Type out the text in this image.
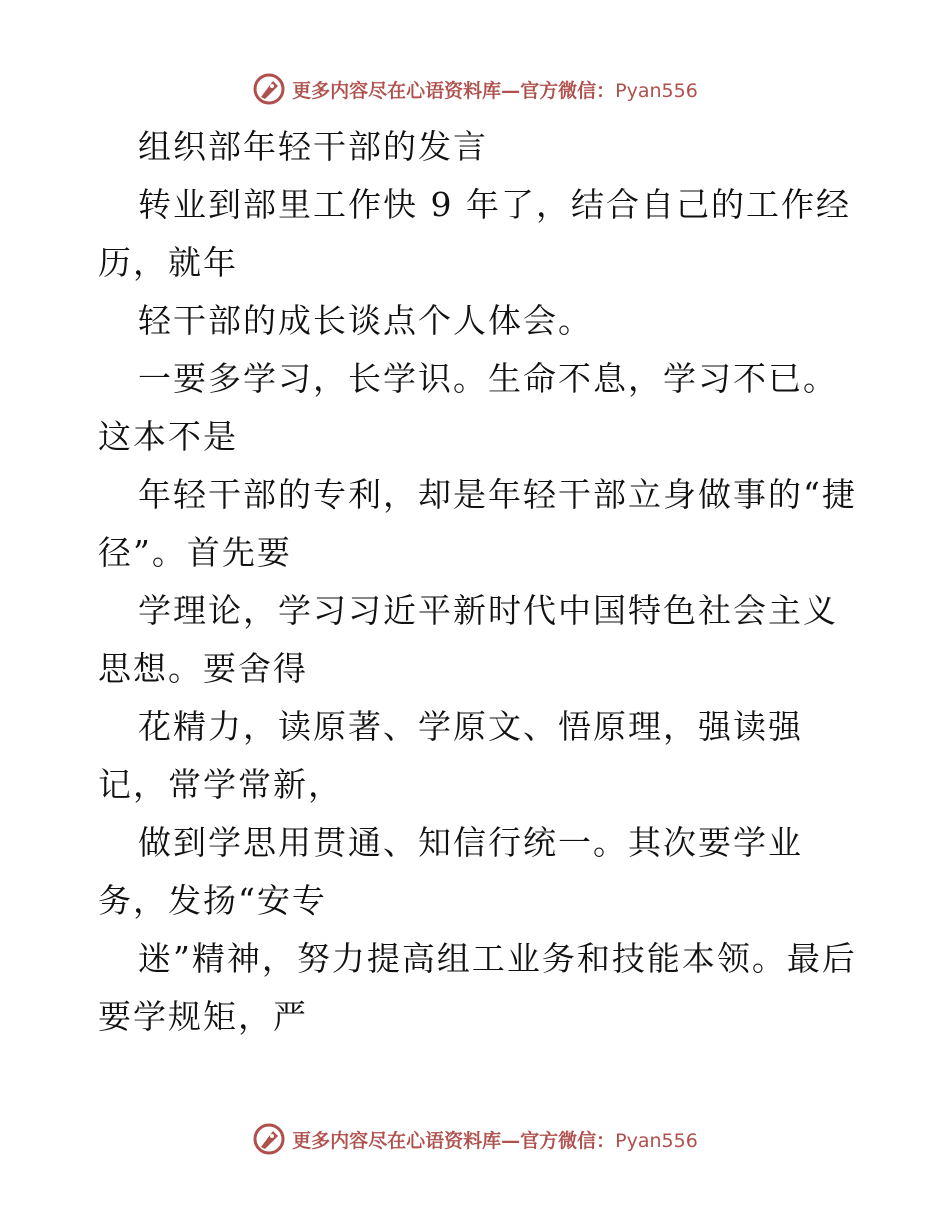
更多内容尽在心语资料库—官方微信：Pyan556

组织部年轻干部的发言

转业到部里工作快 9 年了，结合自己的工作经历，就年

轻干部的成长谈点个人体会。

一要多学习，长学识。生命不息，学习不已。这本不是

年轻干部的专利，却是年轻干部立身做事的“捷径”。首先要

学理论，学习习近平新时代中国特色社会主义思想。要舍得

花精力，读原著、学原文、悟原理，强读强记，常学常新，

做到学思用贯通、知信行统一。其次要学业务，发扬“安专

迷”精神，努力提高组工业务和技能本领。最后要学规矩，严

更多内容尽在心语资料库—官方微信：Pyan556
